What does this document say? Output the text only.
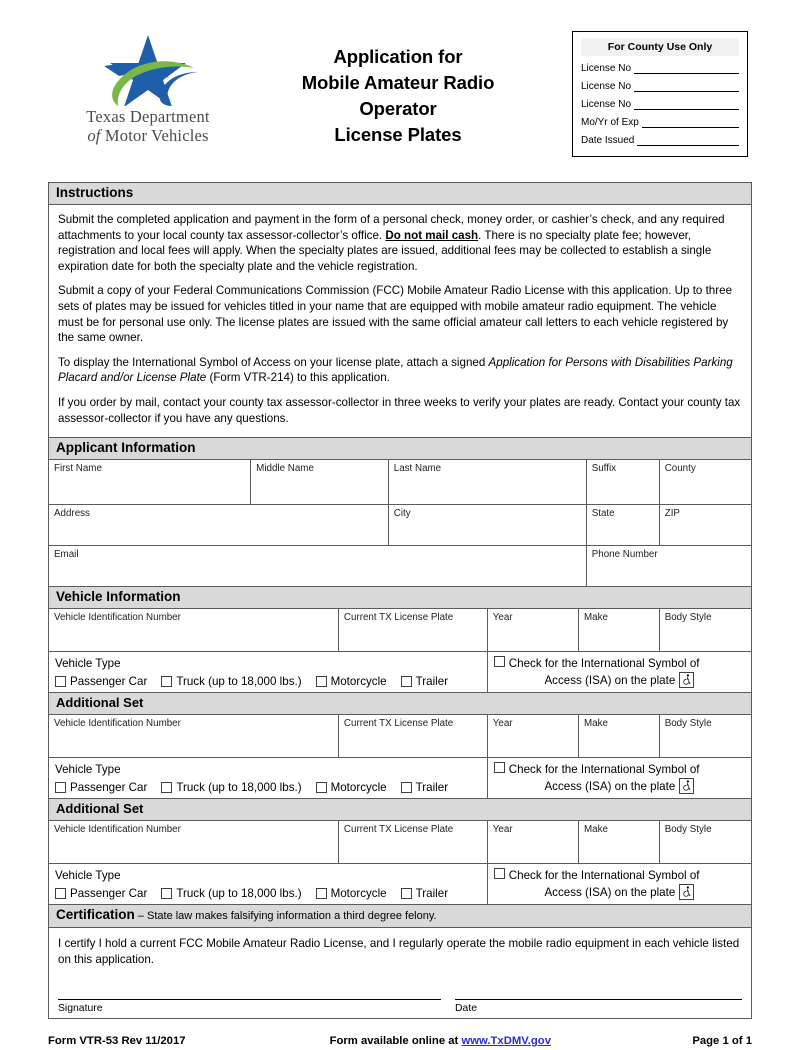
Texas Department
of Motor Vehicles
Application for
Mobile Amateur Radio
Operator
License Plates
For County Use Only
License No
License No
License No
Mo/Yr of Exp
Date Issued
Instructions

Submit the completed application and payment in the form of a personal check, money order, or cashier’s check, and any required attachments to your local county tax assessor-collector’s office. Do not mail cash. There is no specialty plate fee; however, registration and local fees will apply. When the specialty plates are issued, additional fees may be collected to establish a single expiration date for both the specialty plate and the vehicle registration.

Submit a copy of your Federal Communications Commission (FCC) Mobile Amateur Radio License with this application. Up to three sets of plates may be issued for vehicles titled in your name that are equipped with mobile amateur radio equipment. The vehicle must be for personal use only. The license plates are issued with the same official amateur call letters to each vehicle registered by the same owner.

To display the International Symbol of Access on your license plate, attach a signed Application for Persons with Disabilities Parking Placard and/or License Plate (Form VTR-214) to this application.

If you order by mail, contact your county tax assessor-collector in three weeks to verify your plates are ready. Contact your county tax assessor-collector if you have any questions.

Applicant Information
First Name	Middle Name	Last Name	Suffix	County
Address	City	State	ZIP
Email	Phone Number
Vehicle Information
Vehicle Identification Number	Current TX License Plate	Year	Make	Body Style
Vehicle Type
Passenger Car	Truck (up to 18,000 lbs.)	Motorcycle	Trailer
Check for the International Symbol of
Access (ISA) on the plate
Additional Set
Vehicle Identification Number	Current TX License Plate	Year	Make	Body Style
Vehicle Type
Passenger Car	Truck (up to 18,000 lbs.)	Motorcycle	Trailer
Check for the International Symbol of
Access (ISA) on the plate
Additional Set
Vehicle Identification Number	Current TX License Plate	Year	Make	Body Style
Vehicle Type
Passenger Car	Truck (up to 18,000 lbs.)	Motorcycle	Trailer
Check for the International Symbol of
Access (ISA) on the plate
Certification – State law makes falsifying information a third degree felony.

I certify I hold a current FCC Mobile Amateur Radio License, and I regularly operate the mobile radio equipment in each vehicle listed on this application.

Signature	Date
Form VTR-53 Rev 11/2017	Form available online at www.TxDMV.gov	Page 1 of 1
